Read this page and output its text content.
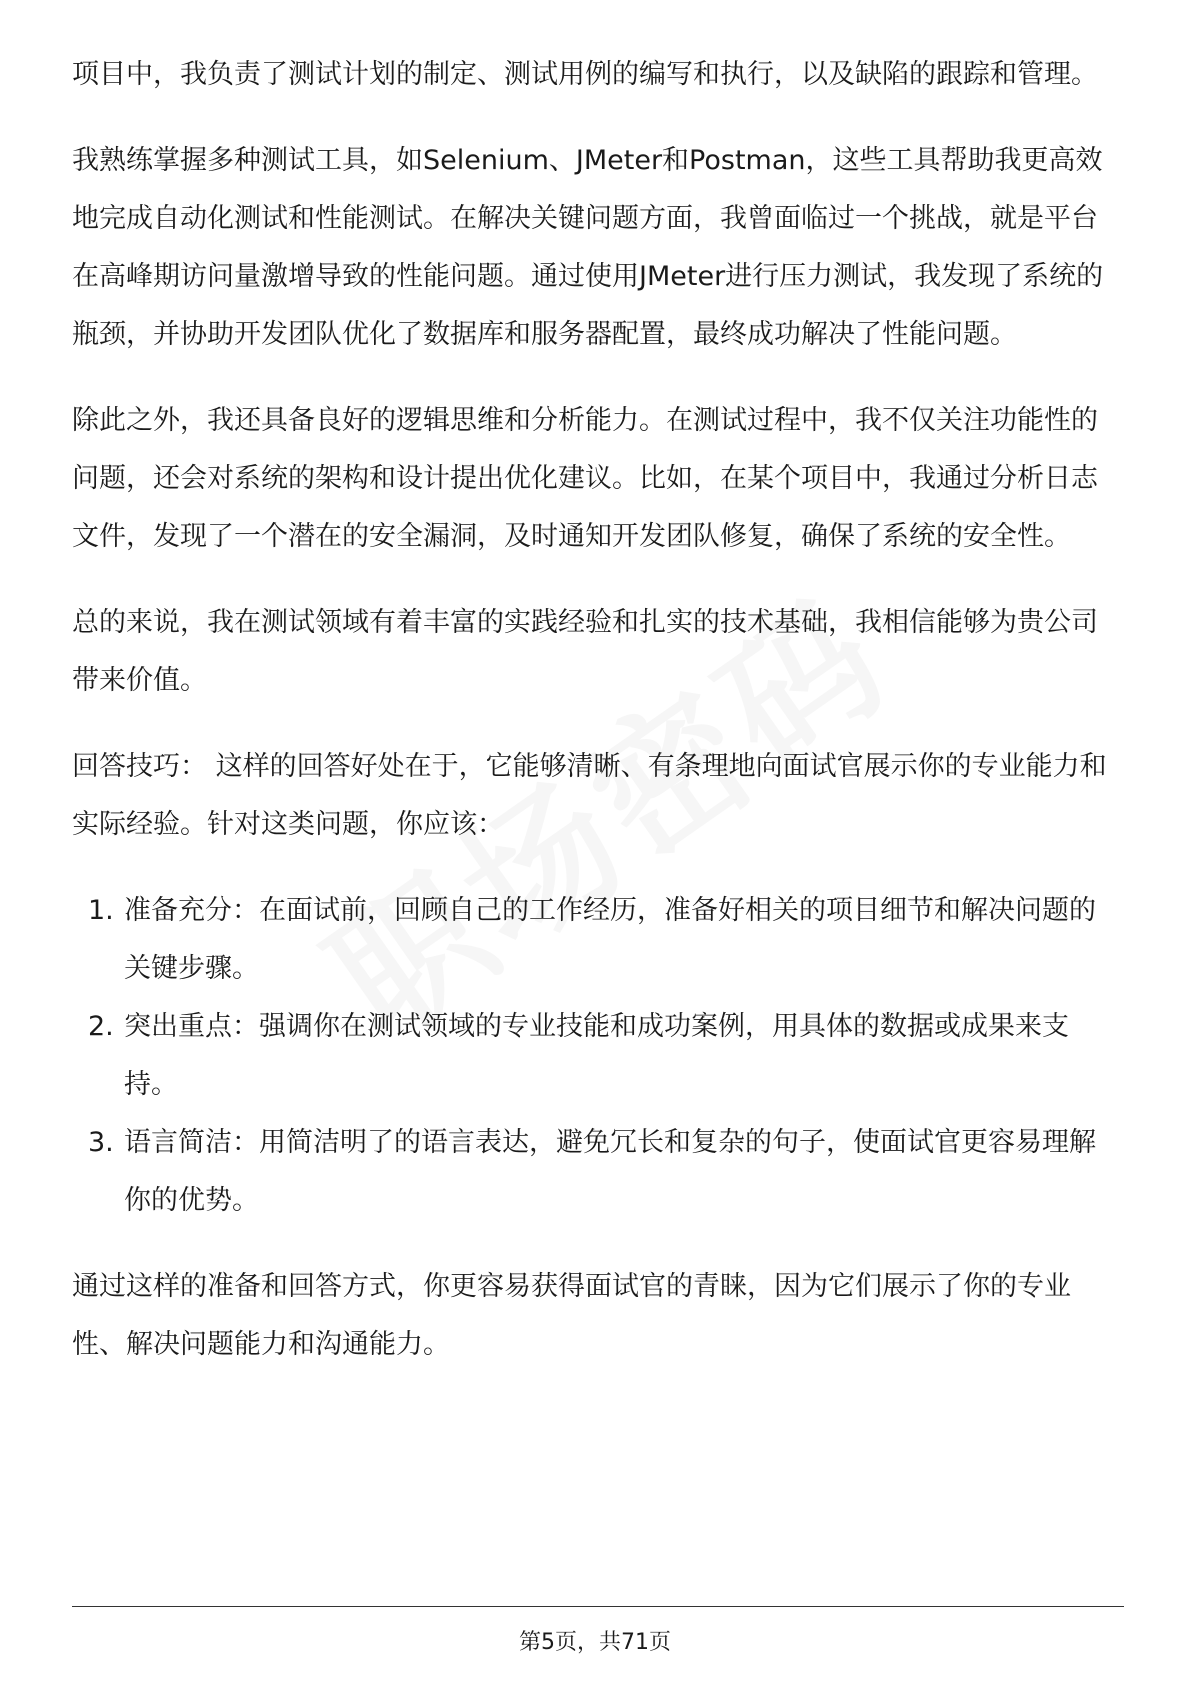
项目中，我负责了测试计划的制定、测试用例的编写和执行，以及缺陷的跟踪和管理。

我熟练掌握多种测试工具，如Selenium、JMeter和Postman，这些工具帮助我更高效地完成自动化测试和性能测试。在解决关键问题方面，我曾面临过一个挑战，就是平台在高峰期访问量激增导致的性能问题。通过使用JMeter进行压力测试，我发现了系统的瓶颈，并协助开发团队优化了数据库和服务器配置，最终成功解决了性能问题。

除此之外，我还具备良好的逻辑思维和分析能力。在测试过程中，我不仅关注功能性的问题，还会对系统的架构和设计提出优化建议。比如，在某个项目中，我通过分析日志文件，发现了一个潜在的安全漏洞，及时通知开发团队修复，确保了系统的安全性。

总的来说，我在测试领域有着丰富的实践经验和扎实的技术基础，我相信能够为贵公司带来价值。

回答技巧： 这样的回答好处在于，它能够清晰、有条理地向面试官展示你的专业能力和实际经验。针对这类问题，你应该：

1. 准备充分：在面试前，回顾自己的工作经历，准备好相关的项目细节和解决问题的关键步骤。
2. 突出重点：强调你在测试领域的专业技能和成功案例，用具体的数据或成果来支持。
3. 语言简洁：用简洁明了的语言表达，避免冗长和复杂的句子，使面试官更容易理解你的优势。

通过这样的准备和回答方式，你更容易获得面试官的青睐，因为它们展示了你的专业性、解决问题能力和沟通能力。

第5页，共71页
